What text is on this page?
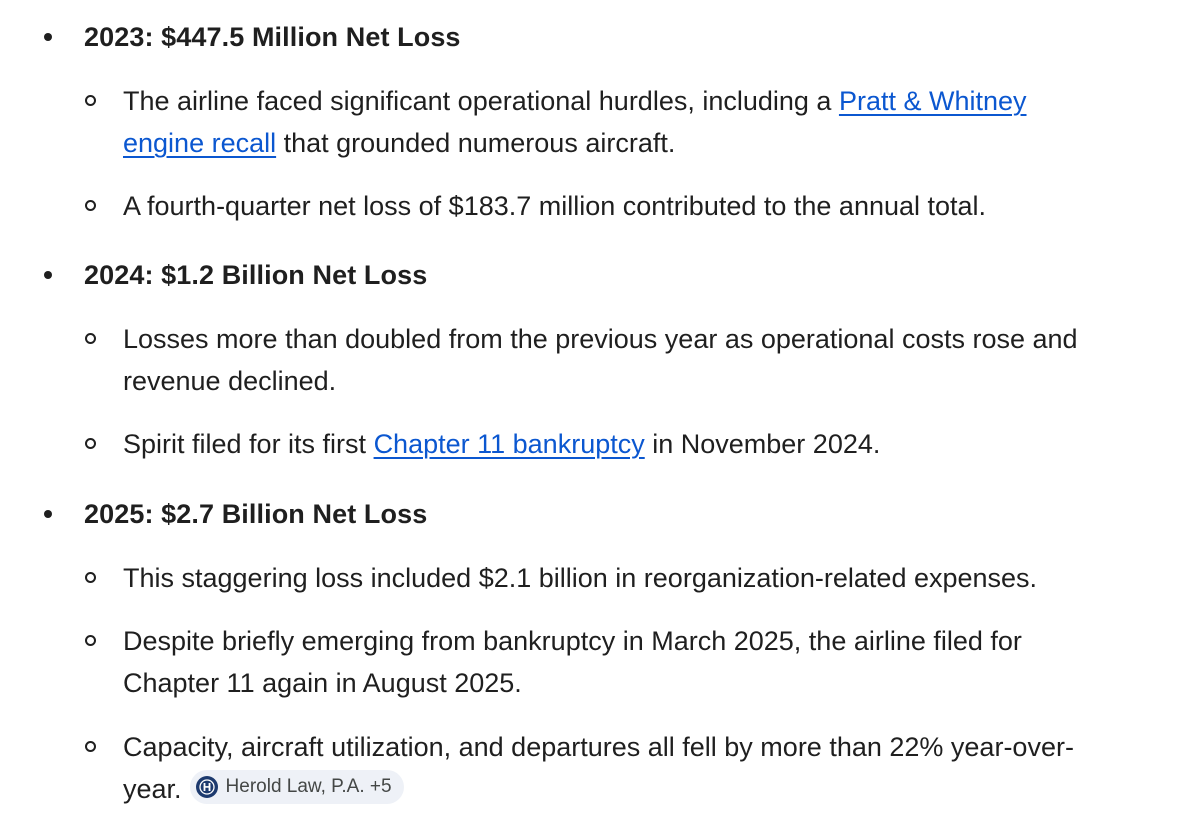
2023: $447.5 Million Net Loss
The airline faced significant operational hurdles, including a Pratt & Whitney
engine recall that grounded numerous aircraft.
A fourth-quarter net loss of $183.7 million contributed to the annual total.
2024: $1.2 Billion Net Loss
Losses more than doubled from the previous year as operational costs rose and
revenue declined.
Spirit filed for its first Chapter 11 bankruptcy in November 2024.
2025: $2.7 Billion Net Loss
This staggering loss included $2.1 billion in reorganization-related expenses.
Despite briefly emerging from bankruptcy in March 2025, the airline filed for
Chapter 11 again in August 2025.
Capacity, aircraft utilization, and departures all fell by more than 22% year-over-
year. Herold Law, P.A. +5
